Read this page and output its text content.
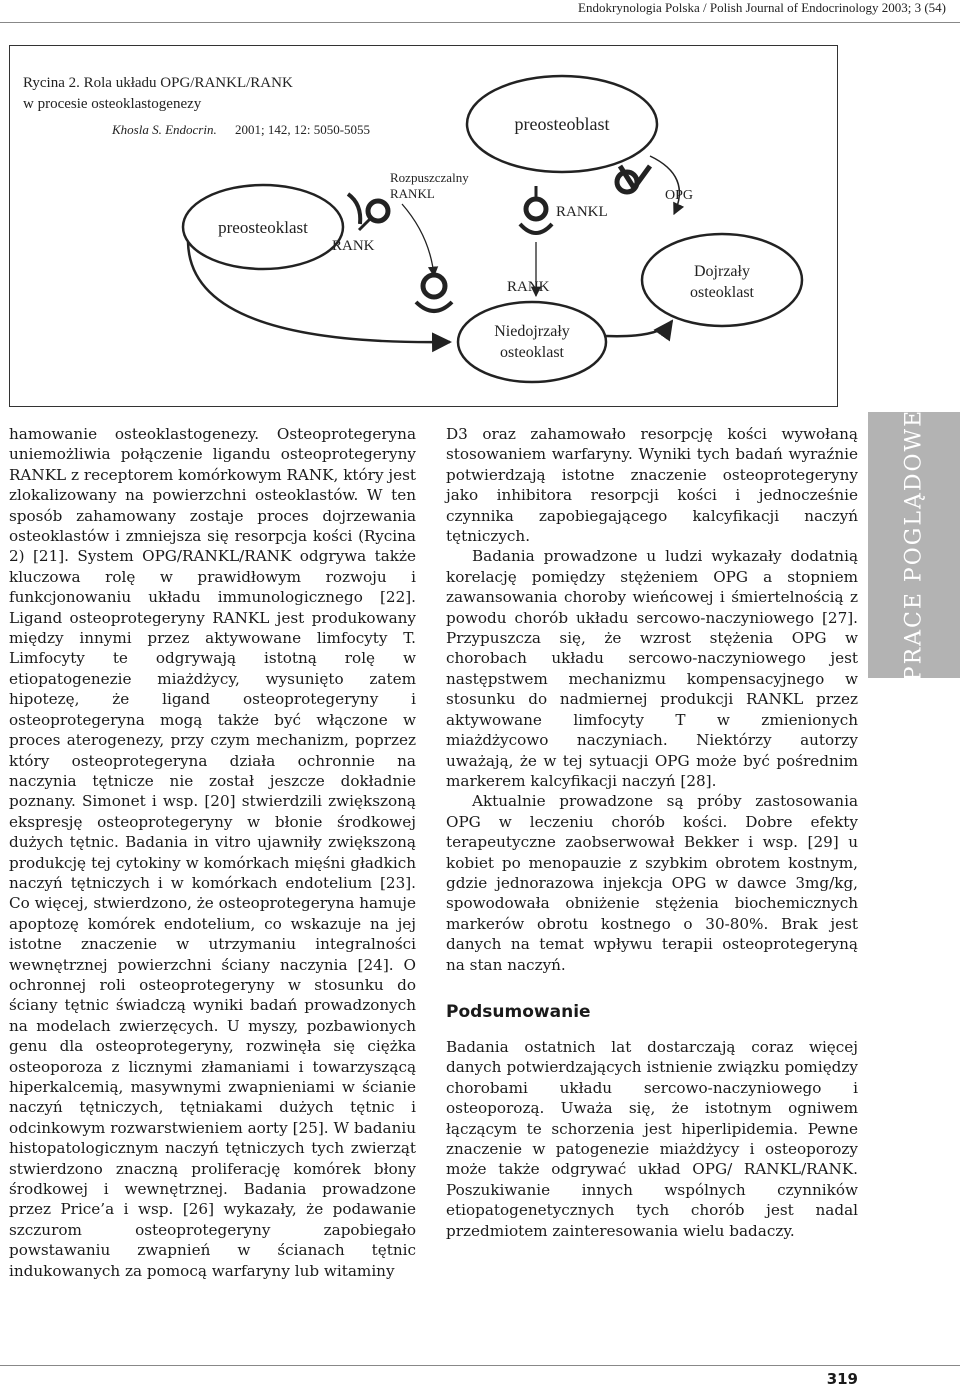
Endokrynologia Polska / Polish Journal of Endocrinology 2003; 3 (54)
Rycina 2. Rola układu OPG/RANKL/RANK
w procesie osteoklastogenezy
Khosla S. Endocrin. 2001; 142, 12: 5050-5055	preosteoblast
preosteoklast
RANK
Rozpuszczalny
RANKL
RANKL
OPG
RANK
Niedojrzały
osteoklast
Dojrzały
osteoklast
PRACE POGLĄDOWE

hamowanie osteoklastogenezy. Osteoprotegeryna uniemożliwia połączenie ligandu osteoprotegeryny RANKL z receptorem komórkowym RANK, który jest zlokalizowany na powierzchni osteoklastów. W ten sposób zahamowany zostaje proces dojrzewania osteoklastów i zmniejsza się resorpcja kości (Rycina 2) [21]. System OPG/RANKL/RANK odgrywa także kluczowa rolę w prawidłowym rozwoju i funkcjonowaniu układu immunologicznego [22]. Ligand osteoprotegeryny RANKL jest produkowany między innymi przez aktywowane limfocyty T. Limfocyty te odgrywają istotną rolę w etiopatogenezie miażdżycy, wysunięto zatem hipotezę, że ligand osteoprotegeryny i osteoprotegeryna mogą także być włączone w proces aterogenezy, przy czym mechanizm, poprzez który osteoprotegeryna działa ochronnie na naczynia tętnicze nie został jeszcze dokładnie poznany. Simonet i wsp. [20] stwierdzili zwiększoną ekspresję osteoprotegeryny w błonie środkowej dużych tętnic. Badania in vitro ujawniły zwiększoną produkcję tej cytokiny w komórkach mięśni gładkich naczyń tętniczych i w komórkach endotelium [23]. Co więcej, stwierdzono, że osteoprotegeryna hamuje apoptozę komórek endotelium, co wskazuje na jej istotne znaczenie w utrzymaniu integralności wewnętrznej powierzchni ściany naczynia [24]. O ochronnej roli osteoprotegeryny w stosunku do ściany tętnic świadczą wyniki badań prowadzonych na modelach zwierzęcych. U myszy, pozbawionych genu dla osteoprotegeryny, rozwinęła się ciężka osteoporoza z licznymi złamaniami i towarzyszącą hiperkalcemią, masywnymi zwapnieniami w ścianie naczyń tętniczych, tętniakami dużych tętnic i odcinkowym rozwarstwieniem aorty [25]. W badaniu histopatologicznym naczyń tętniczych tych zwierząt stwierdzono znaczną proliferację komórek błony środkowej i wewnętrznej. Badania prowadzone przez Price’a i wsp. [26] wykazały, że podawanie szczurom osteoprotegeryny zapobiegało powstawaniu zwapnień w ścianach tętnic indukowanych za pomocą warfaryny lub witaminy

D3 oraz zahamowało resorpcję kości wywołaną stosowaniem warfaryny. Wyniki tych badań wyraźnie potwierdzają istotne znaczenie osteoprotegeryny jako inhibitora resorpcji kości i jednocześnie czynnika zapobiegającego kalcyfikacji naczyń tętniczych.

Badania prowadzone u ludzi wykazały dodatnią korelację pomiędzy stężeniem OPG a stopniem zawansowania choroby wieńcowej i śmiertelnością z powodu chorób układu sercowo-naczyniowego [27]. Przypuszcza się, że wzrost stężenia OPG w chorobach układu sercowo-naczyniowego jest następstwem mechanizmu kompensacyjnego w stosunku do nadmiernej produkcji RANKL przez aktywowane limfocyty T w zmienionych miażdżycowo naczyniach. Niektórzy autorzy uważają, że w tej sytuacji OPG może być pośrednim markerem kalcyfikacji naczyń [28].

Aktualnie prowadzone są próby zastosowania OPG w leczeniu chorób kości. Dobre efekty terapeutyczne zaobserwował Bekker i wsp. [29] u kobiet po menopauzie z szybkim obrotem kostnym, gdzie jednorazowa injekcja OPG w dawce 3mg/kg, spowodowała obniżenie stężenia biochemicznych markerów obrotu kostnego o 30-80%. Brak jest danych na temat wpływu terapii osteoprotegeryną na stan naczyń.

Podsumowanie

Badania ostatnich lat dostarczają coraz więcej danych potwierdzających istnienie związku pomiędzy chorobami układu sercowo-naczyniowego i osteoporozą. Uważa się, że istotnym ogniwem łączącym te schorzenia jest hiperlipidemia. Pewne znaczenie w patogenezie miażdżycy i osteoporozy może także odgrywać układ OPG/ RANKL/RANK. Poszukiwanie innych wspólnych czynników etiopatogenetycznych tych chorób jest nadal przedmiotem zainteresowania wielu badaczy.

319
